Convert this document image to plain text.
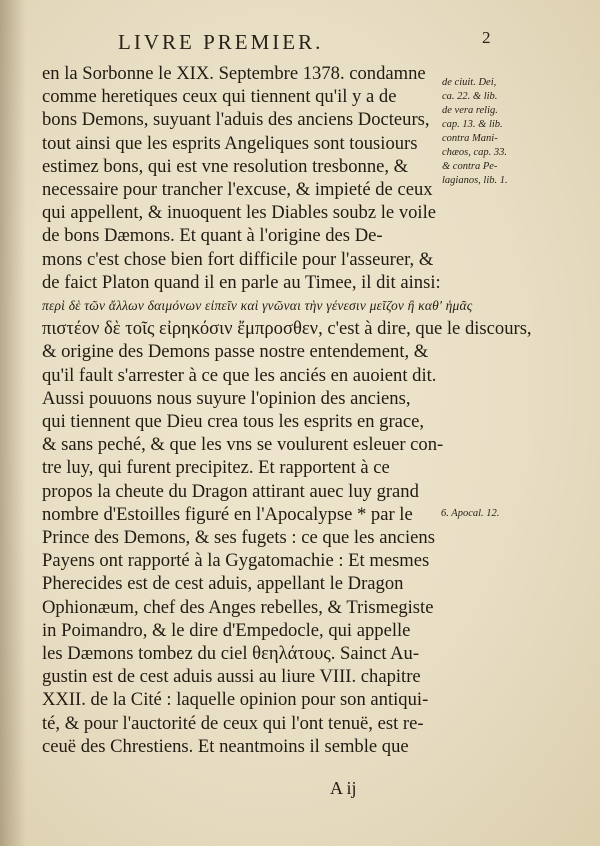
LIVRE PREMIER.	2
en la Sorbonne le XIX. Septembre 1378. condamne
comme heretiques ceux qui tiennent qu'il y a de
bons Demons, suyuant l'aduis des anciens Docteurs,
tout ainsi que les esprits Angeliques sont tousiours
estimez bons, qui est vne resolution tresbonne, &
necessaire pour trancher l'excuse, & impieté de ceux
qui appellent, & inuoquent les Diables soubz le voile
de bons Dæmons. Et quant à l'origine des De-
mons c'est chose bien fort difficile pour l'asseurer, &
de faict Platon quand il en parle au Timee, il dit ainsi:
περὶ δὲ τῶν ἄλλων δαιμόνων εἰπεῖν καὶ γνῶναι τὴν γένεσιν μεῖζον ἢ καθ' ἡμᾶς
πιστέον δὲ τοῖς εἰρηκόσιν ἔμπροσθεν, c'est à dire, que le discours,
& origine des Demons passe nostre entendement, &
qu'il fault s'arrester à ce que les anciés en auoient dit.
Aussi pouuons nous suyure l'opinion des anciens,
qui tiennent que Dieu crea tous les esprits en grace,
& sans peché, & que les vns se voulurent esleuer con-
tre luy, qui furent precipitez. Et rapportent à ce
propos la cheute du Dragon attirant auec luy grand
nombre d'Estoilles figuré en l'Apocalypse * par le
Prince des Demons, & ses fugets : ce que les anciens
Payens ont rapporté à la Gygatomachie : Et mesmes
Pherecides est de cest aduis, appellant le Dragon
Ophionæum, chef des Anges rebelles, & Trismegiste
in Poimandro, & le dire d'Empedocle, qui appelle
les Dæmons tombez du ciel θεηλάτους. Sainct Au-
gustin est de cest aduis aussi au liure VIII. chapitre
XXII. de la Cité : laquelle opinion pour son antiqui-
té, & pour l'auctorité de ceux qui l'ont tenuë, est re-
ceuë des Chrestiens. Et neantmoins il semble que
de ciuit. Dei,
ca. 22. & lib.
de vera relig.
cap. 13. & lib.
contra Mani-
chæos, cap. 33.
& contra Pe-
lagianos, lib. 1.
6. Apocal. 12.
A ij
